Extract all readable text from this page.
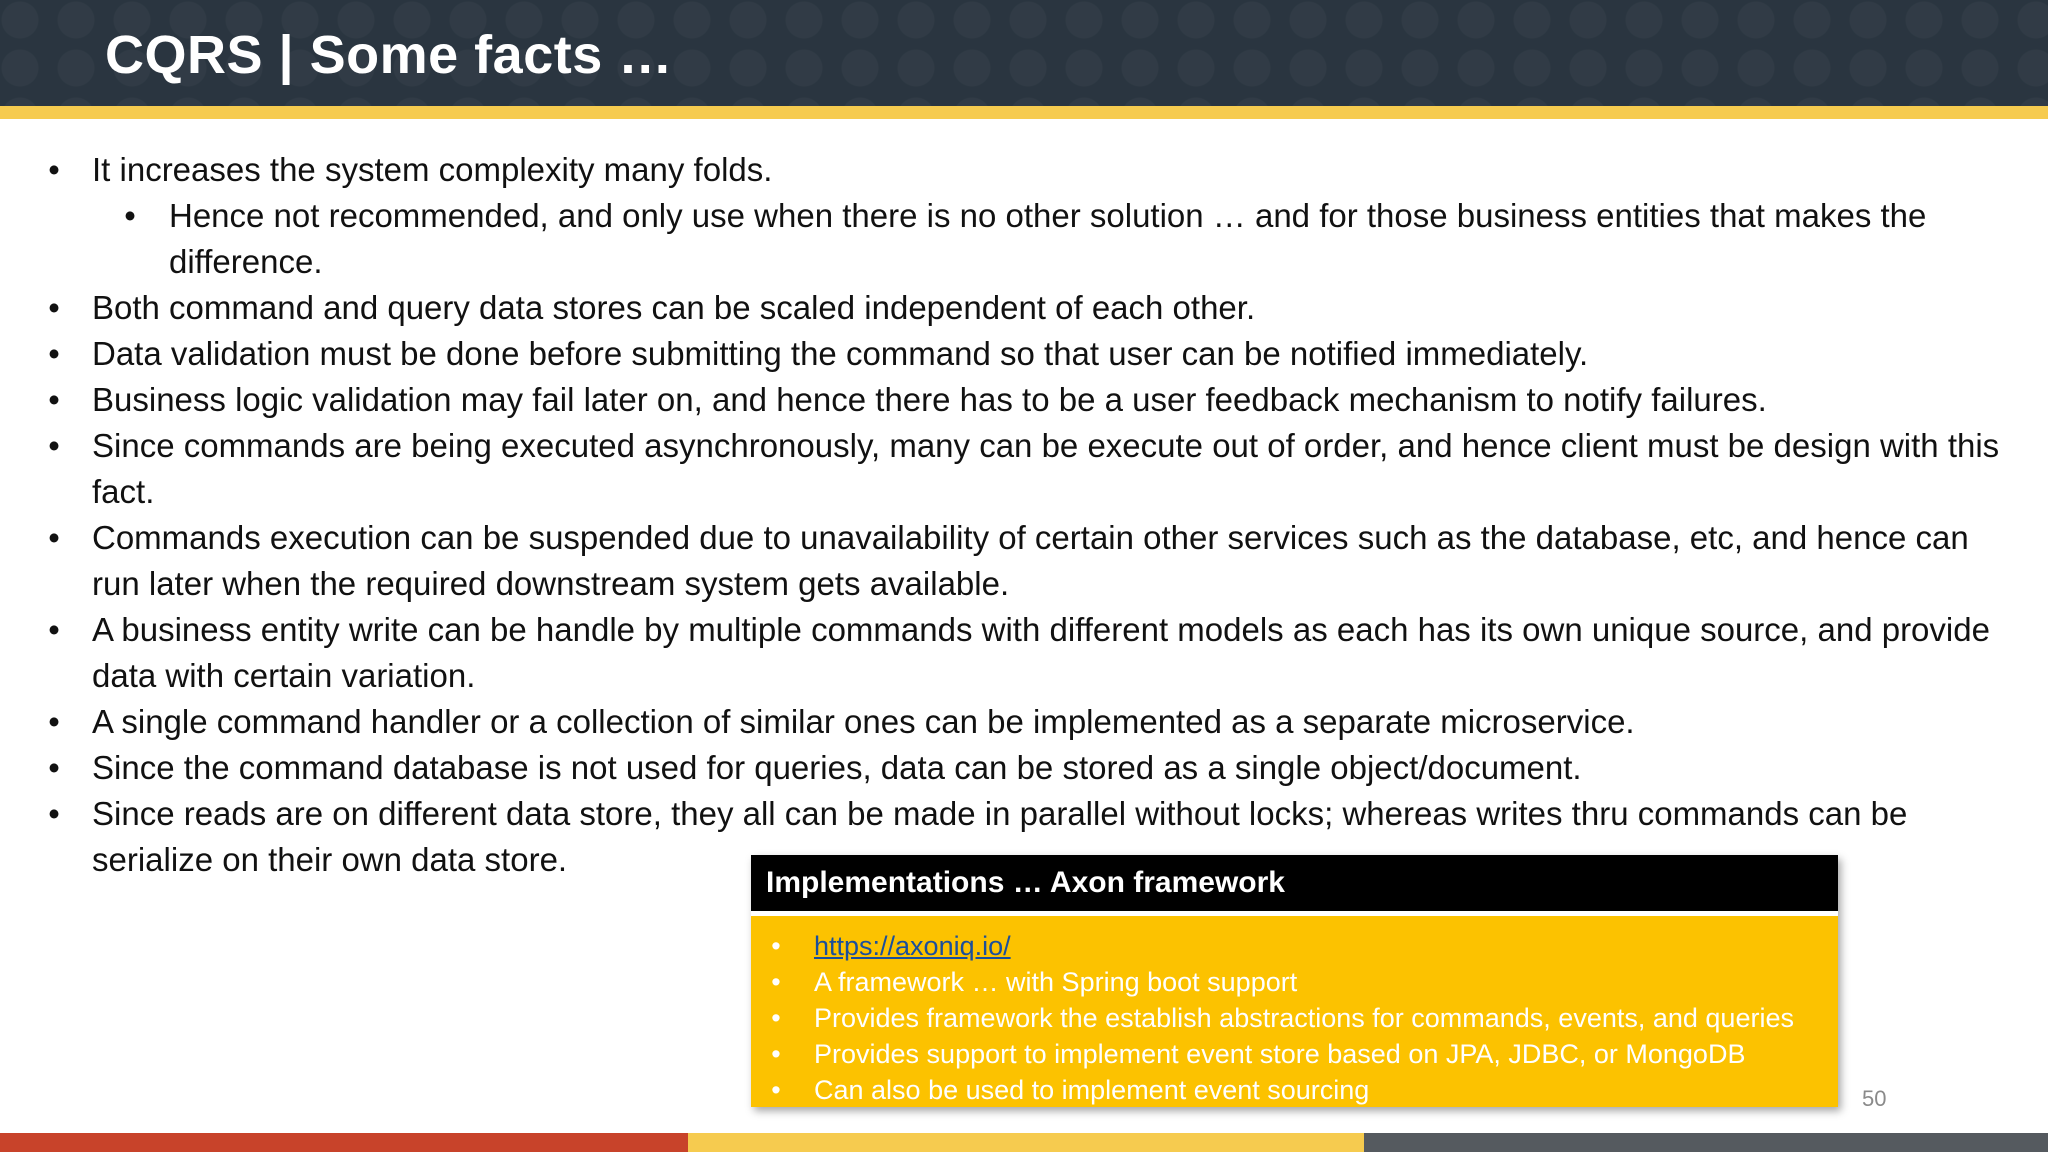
CQRS | Some facts …
• It increases the system complexity many folds.
• Hence not recommended, and only use when there is no other solution … and for those business entities that makes the difference.
• Both command and query data stores can be scaled independent of each other.
• Data validation must be done before submitting the command so that user can be notified immediately.
• Business logic validation may fail later on, and hence there has to be a user feedback mechanism to notify failures.
• Since commands are being executed asynchronously, many can be execute out of order, and hence client must be design with this fact.
• Commands execution can be suspended due to unavailability of certain other services such as the database, etc, and hence can run later when the required downstream system gets available.
• A business entity write can be handle by multiple commands with different models as each has its own unique source, and provide data with certain variation.
• A single command handler or a collection of similar ones can be implemented as a separate microservice.
• Since the command database is not used for queries, data can be stored as a single object/document.
• Since reads are on different data store, they all can be made in parallel without locks; whereas writes thru commands can be serialize on their own data store.
Implementations … Axon framework
• https://axoniq.io/
• A framework … with Spring boot support
• Provides framework the establish abstractions for commands, events, and queries
• Provides support to implement event store based on JPA, JDBC, or MongoDB
• Can also be used to implement event sourcing	50
